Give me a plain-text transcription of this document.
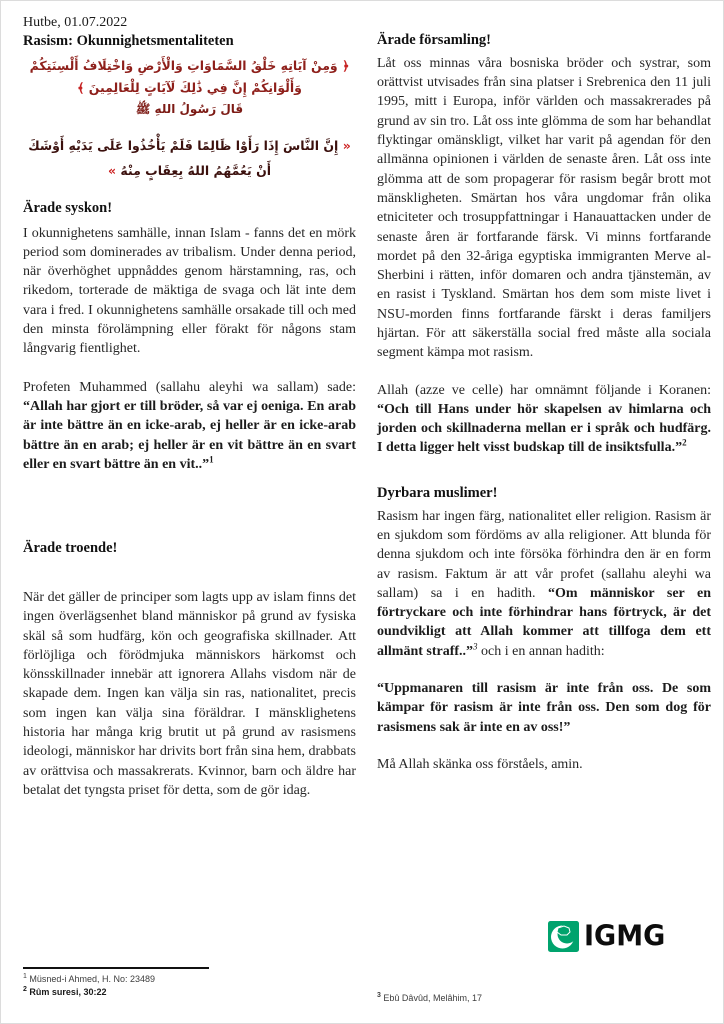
Hutbe, 01.07.2022
Rasism: Okunnighetsmentaliteten
﴿ وَمِنْ آيَاتِهِ خَلْقُ السَّمَاوَاتِ وَالْأَرْضِ وَاخْتِلَافُ أَلْسِنَتِكُمْ وَأَلْوَانِكُمْ إِنَّ فِي ذَٰلِكَ لَآيَاتٍ لِلْعَالِمِينَ ﴾
قَالَ رَسُولُ اللهِ ﷺ
« إِنَّ النَّاسَ إِذَا رَأَوْا ظَالِمًا فَلَمْ يَأْخُذُوا عَلَى يَدَيْهِ أَوْشَكَ أَنْ يَعُمَّهُمُ اللهُ بِعِقَابٍ مِنْهُ »
Ärade syskon!

I okunnighetens samhälle, innan Islam - fanns det en mörk period som dominerades av tribalism. Under denna period, när överhöghet uppnåddes genom härstamning, ras, och rikedom, torterade de mäktiga de svaga och lät inte dem vara i fred. I okunnighetens samhälle orsakade till och med den minsta förolämpning eller förakt för någons stam långvarig fientlighet.

Profeten Muhammed (sallahu aleyhi wa sallam) sade: “Allah har gjort er till bröder, så var ej oeniga. En arab är inte bättre än en icke-arab, ej heller är en icke-arab bättre än en arab; ej heller är en vit bättre än en svart eller en svart bättre än en vit..”$^1$

Ärade troende!

När det gäller de principer som lagts upp av islam finns det ingen överlägsenhet bland människor på grund av fysiska skäl så som hudfärg, kön och geografiska skillnader. Att förlöjliga och förödmjuka människors härkomst och könsskillnader innebär att ignorera Allahs visdom när de skapade dem. Ingen kan välja sin ras, nationalitet, precis som ingen kan välja sina föräldrar. I mänsklighetens historia har många krig brutit ut på grund av rasismens ideologi, människor har drivits bort från sina hem, drabbats av orättvisa och massakrerats. Kvinnor, barn och äldre har betalat det tyngsta priset för detta, som de gör idag.

Ärade församling!

Låt oss minnas våra bosniska bröder och systrar, som orättvist utvisades från sina platser i Srebrenica den 11 juli 1995, mitt i Europa, inför världen och massakrerades på grund av sin tro. Låt oss inte glömma de som har behandlat flyktingar omänskligt, vilket har varit på agendan för den allmänna opinionen i världen de senaste åren. Låt oss inte glömma att de som propagerar för rasism begår brott mot mänskligheten. Smärtan hos våra ungdomar från olika etniciteter och trosuppfattningar i Hanauattacken under de senaste åren är fortfarande färsk. Vi minns fortfarande mordet på den 32-åriga egyptiska immigranten Merve al-Sherbini i rätten, inför domaren och andra tjänstemän, av en rasist i Tyskland. Smärtan hos dem som miste livet i NSU-morden finns fortfarande färskt i deras familjers hjärtan. För att säkerställa social fred måste alla sociala segment kämpa mot rasism.

Allah (azze ve celle) har omnämnt följande i Koranen: “Och till Hans under hör skapelsen av himlarna och jorden och skillnaderna mellan er i språk och hudfärg. I detta ligger helt visst budskap till de insiktsfulla.”$^2$

Dyrbara muslimer!

Rasism har ingen färg, nationalitet eller religion. Rasism är en sjukdom som fördöms av alla religioner. Att blunda för denna sjukdom och inte försöka förhindra den är en form av rasism. Faktum är att vår profet (sallahu aleyhi wa sallam) sa i en hadith. “Om människor ser en förtryckare och inte förhindrar hans förtryck, är det oundvikligt att Allah kommer att tillfoga dem ett allmänt straff..”$^3$ och i en annan hadith:

“Uppmanaren till rasism är inte från oss. De som kämpar för rasism är inte från oss. Den som dog för rasismens sak är inte en av oss!”

Må Allah skänka oss förståels, amin.

IGMG
$^1$ Müsned-i Ahmed, H. No: 23489
$^2$ Rûm suresi, 30:22	$^3$ Ebû Dâvûd, Melâhim, 17
